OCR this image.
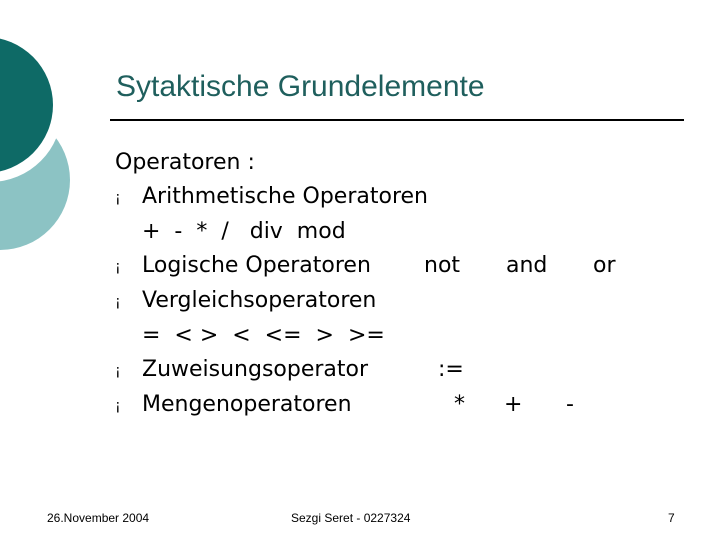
Sytaktische Grundelemente
Operatoren :
¡ Arithmetische Operatoren
+  -  *  /   div  mod
¡ Logische Operatoren not and or
¡ Vergleichsoperatoren
=  < >  <  <=  >  >=
¡ Zuweisungsoperator	:=
¡ Mengenoperatoren	* + -
26.November 2004	Sezgi Seret - 0227324	7
